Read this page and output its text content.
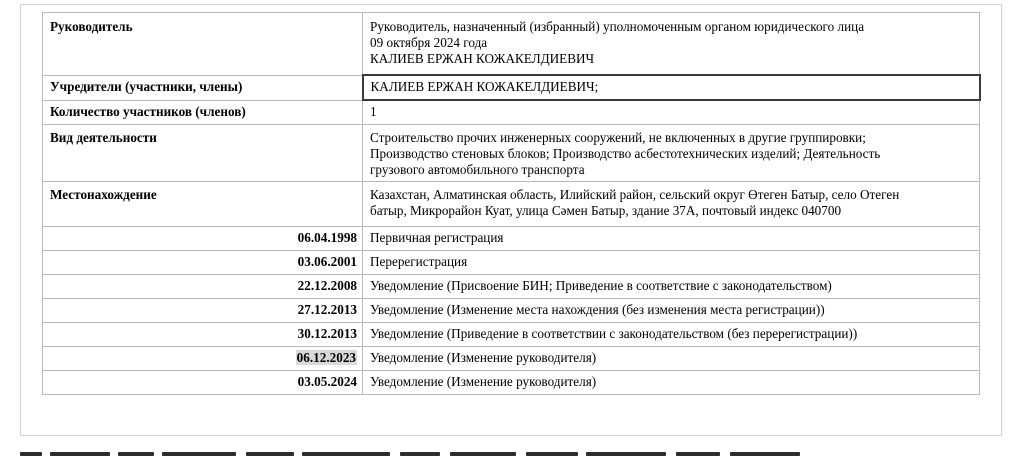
Руководитель	Руководитель, назначенный (избранный) уполномоченным органом юридического лица
09 октября 2024 года
КАЛИЕВ ЕРЖАН КОЖАКЕЛДИЕВИЧ

Учредители (участники, члены)	КАЛИЕВ ЕРЖАН КОЖАКЕЛДИЕВИЧ;
Количество участников (членов)	1
Вид деятельности	Строительство прочих инженерных сооружений, не включенных в другие группировки;
Производство стеновых блоков; Производство асбестотехнических изделий; Деятельность
грузового автомобильного транспорта

Местонахождение	Казахстан, Алматинская область, Илийский район, сельский округ Өтеген Батыр, село Отеген
батыр, Микрорайон Куат, улица Сәмен Батыр, здание 37А, почтовый индекс 040700

06.04.1998	Первичная регистрация
03.06.2001	Перерегистрация
22.12.2008	Уведомление (Присвоение БИН; Приведение в соответствие с законодательством)
27.12.2013	Уведомление (Изменение места нахождения (без изменения места регистрации))
30.12.2013	Уведомление (Приведение в соответствии с законодательством (без перерегистрации))
06.12.2023	Уведомление (Изменение руководителя)
03.05.2024	Уведомление (Изменение руководителя)
